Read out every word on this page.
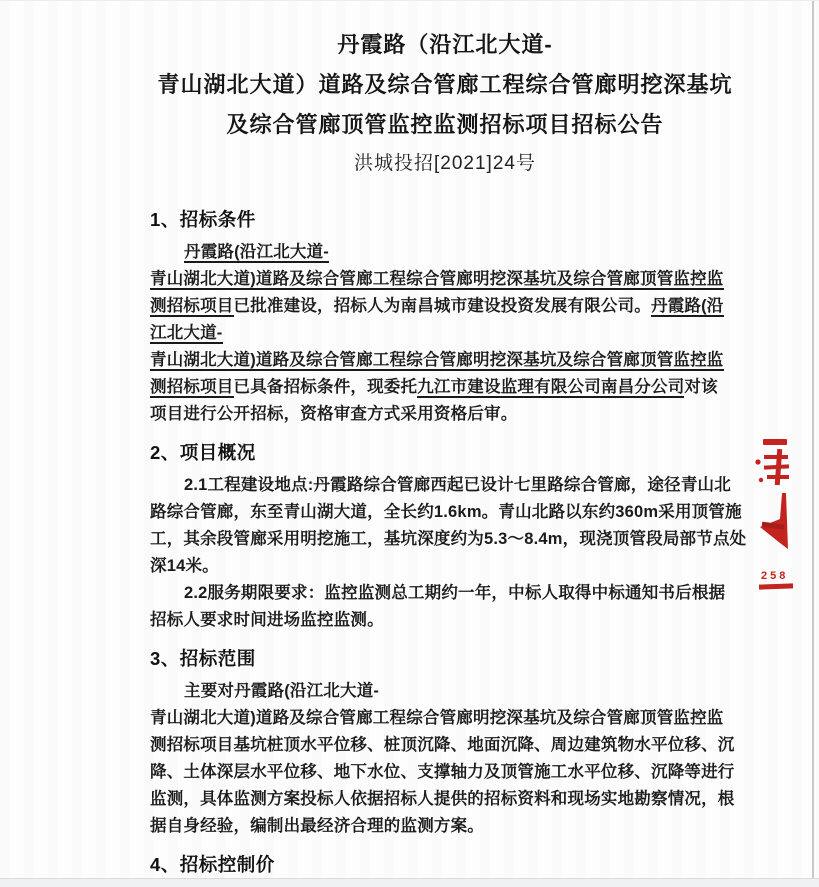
丹霞路（沿江北大道-
青山湖北大道）道路及综合管廊工程综合管廊明挖深基坑
及综合管廊顶管监控监测招标项目招标公告
洪城投招[2021]24号
1、招标条件
丹霞路(沿江北大道-
青山湖北大道)道路及综合管廊工程综合管廊明挖深基坑及综合管廊顶管监控监
测招标项目已批准建设，招标人为南昌城市建设投资发展有限公司。丹霞路(沿
江北大道-
青山湖北大道)道路及综合管廊工程综合管廊明挖深基坑及综合管廊顶管监控监
测招标项目已具备招标条件，现委托九江市建设监理有限公司南昌分公司对该
项目进行公开招标，资格审查方式采用资格后审。
2、项目概况
2.1工程建设地点:丹霞路综合管廊西起已设计七里路综合管廊，途径青山北
路综合管廊，东至青山湖大道，全长约1.6km。青山北路以东约360m采用顶管施
工，其余段管廊采用明挖施工，基坑深度约为5.3～8.4m，现浇顶管段局部节点处
深14米。
2.2服务期限要求：监控监测总工期约一年，中标人取得中标通知书后根据
招标人要求时间进场监控监测。
3、招标范围
主要对丹霞路(沿江北大道-
青山湖北大道)道路及综合管廊工程综合管廊明挖深基坑及综合管廊顶管监控监
测招标项目基坑桩顶水平位移、桩顶沉降、地面沉降、周边建筑物水平位移、沉
降、土体深层水平位移、地下水位、支撑轴力及顶管施工水平位移、沉降等进行
监测，具体监测方案投标人依据招标人提供的招标资料和现场实地勘察情况，根
据自身经验，编制出最经济合理的监测方案。
4、招标控制价
258
